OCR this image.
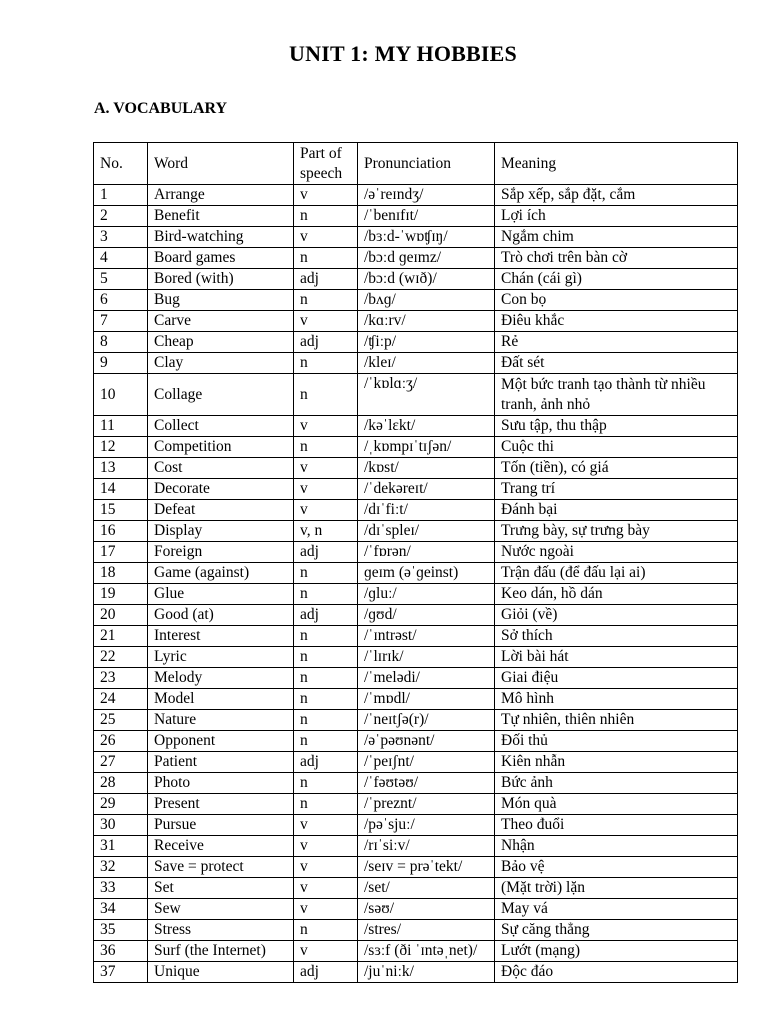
UNIT 1: MY HOBBIES
A. VOCABULARY
No.	Word	Part of speech	Pronunciation	Meaning
1	Arrange	v	/əˈreɪndʒ/	Sắp xếp, sắp đặt, cắm
2	Benefit	n	/ˈbenɪfɪt/	Lợi ích
3	Bird-watching	v	/bɜːd-ˈwɒʧɪŋ/	Ngắm chim
4	Board games	n	/bɔːd ɡeɪmz/	Trò chơi trên bàn cờ
5	Bored (with)	adj	/bɔːd (wɪð)/	Chán (cái gì)
6	Bug	n	/bʌɡ/	Con bọ
7	Carve	v	/kɑːrv/	Điêu khắc
8	Cheap	adj	/ʧiːp/	Rẻ
9	Clay	n	/kleɪ/	Đất sét
10	Collage	n	/ˈkɒlɑːʒ/	Một bức tranh tạo thành từ nhiều tranh, ảnh nhỏ
11	Collect	v	/kəˈlɛkt/	Sưu tập, thu thập
12	Competition	n	/ˌkɒmpɪˈtɪʃən/	Cuộc thi
13	Cost	v	/kɒst/	Tốn (tiền), có giá
14	Decorate	v	/ˈdekəreɪt/	Trang trí
15	Defeat	v	/dɪˈfiːt/	Đánh bại
16	Display	v, n	/dɪˈspleɪ/	Trưng bày, sự trưng bày
17	Foreign	adj	/ˈfɒrən/	Nước ngoài
18	Game (against)	n	ɡeɪm (əˈɡeinst)	Trận đấu (để đấu lại ai)
19	Glue	n	/ɡluː/	Keo dán, hồ dán
20	Good (at)	adj	/ɡʊd/	Giỏi (về)
21	Interest	n	/ˈɪntrəst/	Sở thích
22	Lyric	n	/ˈlɪrɪk/	Lời bài hát
23	Melody	n	/ˈmelədi/	Giai điệu
24	Model	n	/ˈmɒdl/	Mô hình
25	Nature	n	/ˈneɪtʃə(r)/	Tự nhiên, thiên nhiên
26	Opponent	n	/əˈpəʊnənt/	Đối thủ
27	Patient	adj	/ˈpeɪʃnt/	Kiên nhẫn
28	Photo	n	/ˈfəʊtəʊ/	Bức ảnh
29	Present	n	/ˈpreznt/	Món quà
30	Pursue	v	/pəˈsjuː/	Theo đuổi
31	Receive	v	/rɪˈsiːv/	Nhận
32	Save = protect	v	/seɪv = prəˈtekt/	Bảo vệ
33	Set	v	/set/	(Mặt trời) lặn
34	Sew	v	/səʊ/	May vá
35	Stress	n	/stres/	Sự căng thẳng
36	Surf (the Internet)	v	/sɜːf (ði ˈɪntəˌnet)/	Lướt (mạng)
37	Unique	adj	/juˈniːk/	Độc đáo
